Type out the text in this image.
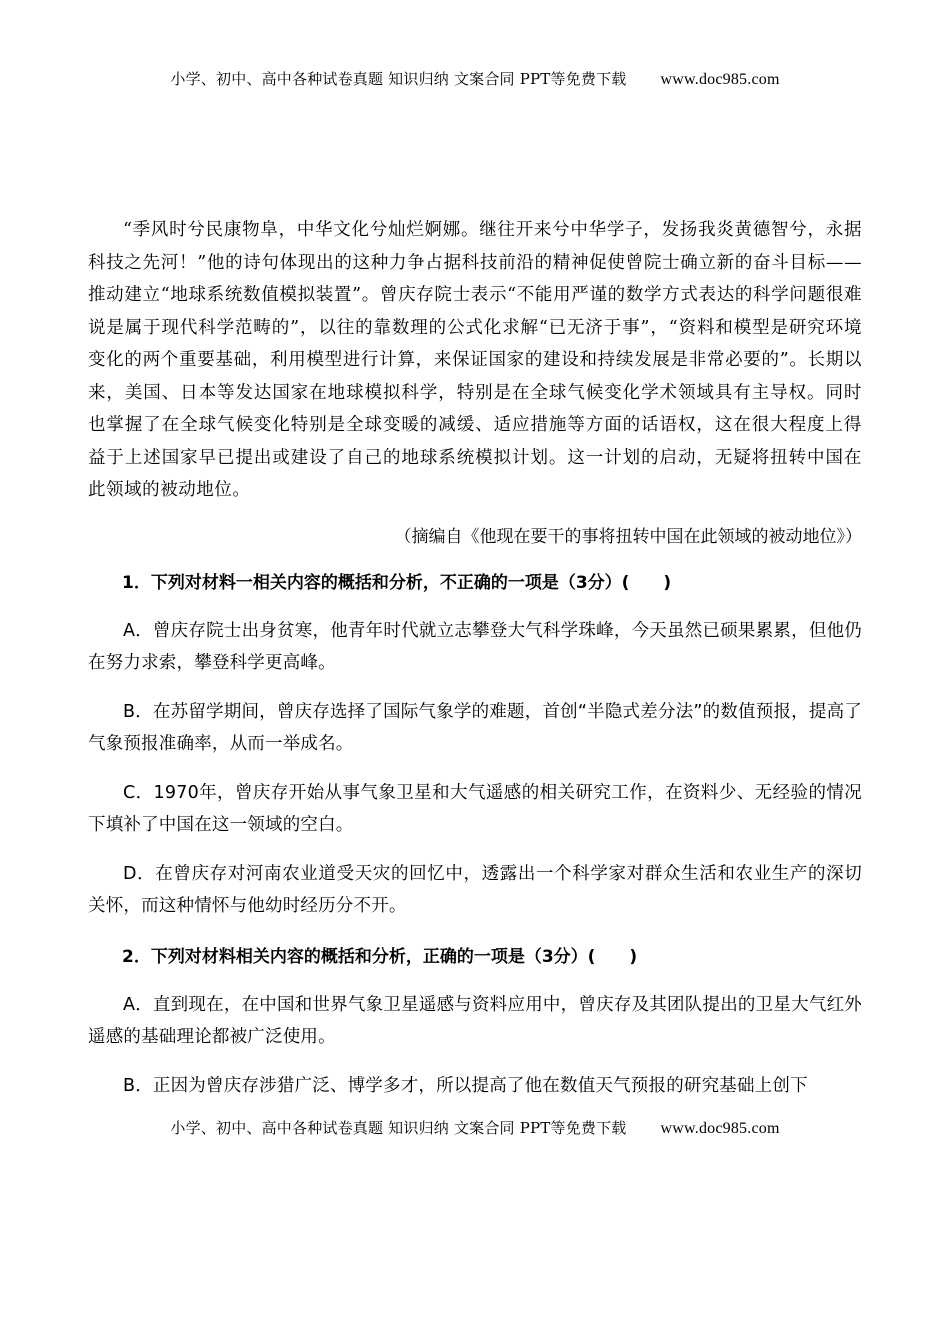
小学、初中、高中各种试卷真题 知识归纳 文案合同 PPT等免费下载 www.doc985.com

“季风时兮民康物阜，中华文化兮灿烂婀娜。继往开来兮中华学子，发扬我炎黄德智兮，永据科技之先河！”他的诗句体现出的这种力争占据科技前沿的精神促使曾院士确立新的奋斗目标——推动建立“地球系统数值模拟装置”。曾庆存院士表示“不能用严谨的数学方式表达的科学问题很难说是属于现代科学范畴的”，以往的靠数理的公式化求解“已无济于事”，“资料和模型是研究环境变化的两个重要基础，利用模型进行计算，来保证国家的建设和持续发展是非常必要的”。长期以来，美国、日本等发达国家在地球模拟科学，特别是在全球气候变化学术领域具有主导权。同时也掌握了在全球气候变化特别是全球变暖的减缓、适应措施等方面的话语权，这在很大程度上得益于上述国家早已提出或建设了自己的地球系统模拟计划。这一计划的启动，无疑将扭转中国在此领域的被动地位。

（摘编自《他现在要干的事将扭转中国在此领域的被动地位》）

1．下列对材料一相关内容的概括和分析，不正确的一项是（3分）(　　)

A．曾庆存院士出身贫寒，他青年时代就立志攀登大气科学珠峰，今天虽然已硕果累累，但他仍在努力求索，攀登科学更高峰。

B．在苏留学期间，曾庆存选择了国际气象学的难题，首创“半隐式差分法”的数值预报，提高了气象预报准确率，从而一举成名。

C．1970年，曾庆存开始从事气象卫星和大气遥感的相关研究工作，在资料少、无经验的情况下填补了中国在这一领域的空白。

D．在曾庆存对河南农业道受天灾的回忆中，透露出一个科学家对群众生活和农业生产的深切关怀，而这种情怀与他幼时经历分不开。

2．下列对材料相关内容的概括和分析，正确的一项是（3分）(　　)

A．直到现在，在中国和世界气象卫星遥感与资料应用中，曾庆存及其团队提出的卫星大气红外遥感的基础理论都被广泛使用。

B．正因为曾庆存涉猎广泛、博学多才，所以提高了他在数值天气预报的研究基础上创下

小学、初中、高中各种试卷真题 知识归纳 文案合同 PPT等免费下载 www.doc985.com
